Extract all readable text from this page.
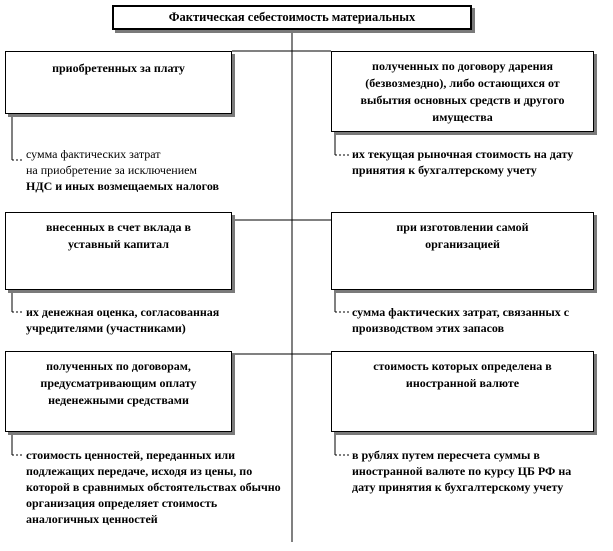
Фактическая себестоимость материальных
приобретенных за плату
внесенных в счет вклада в уставный капитал
полученных по договорам, предусматривающим оплату неденежными средствами
полученных по договору дарения (безвозмездно), либо остающихся от выбытия основных средств и другого имущества
при изготовлении самой организацией
стоимость которых определена в иностранной валюте
сумма фактических затрат
на приобретение за исключением
НДС и иных возмещаемых налогов
их денежная оценка, согласованная учредителями (участниками)
стоимость ценностей, переданных или подлежащих передаче, исходя из цены, по которой в сравнимых обстоятельствах обычно организация определяет стоимость аналогичных ценностей
их текущая рыночная стоимость на дату принятия к бухгалтерскому учету
сумма фактических затрат, связанных с производством этих запасов
в рублях путем пересчета суммы в иностранной валюте по курсу ЦБ РФ на дату принятия к бухгалтерскому учету
